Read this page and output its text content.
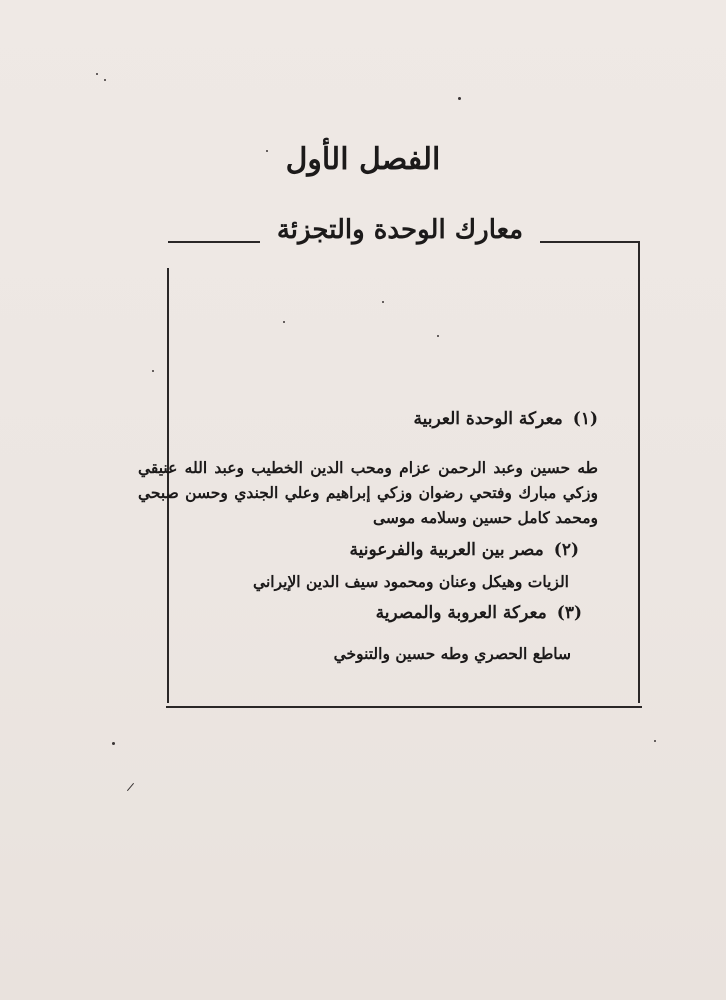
الفصل الأول
معارك الوحدة والتجزئة
(١)معركة الوحدة العربية
طه حسين وعبد الرحمن عزام ومحب الدين الخطيب وعبد الله عنيقي وزكي مبارك وفتحي رضوان وزكي إبراهيم وعلي الجندي وحسن صبحي ومحمد كامل حسين وسلامه موسى
(٢)مصر بين العربية والفرعونية
الزيات وهيكل وعنان ومحمود سيف الدين الإيراني
(٣)معركة العروبة والمصرية
ساطع الحصري وطه حسين والتنوخي
